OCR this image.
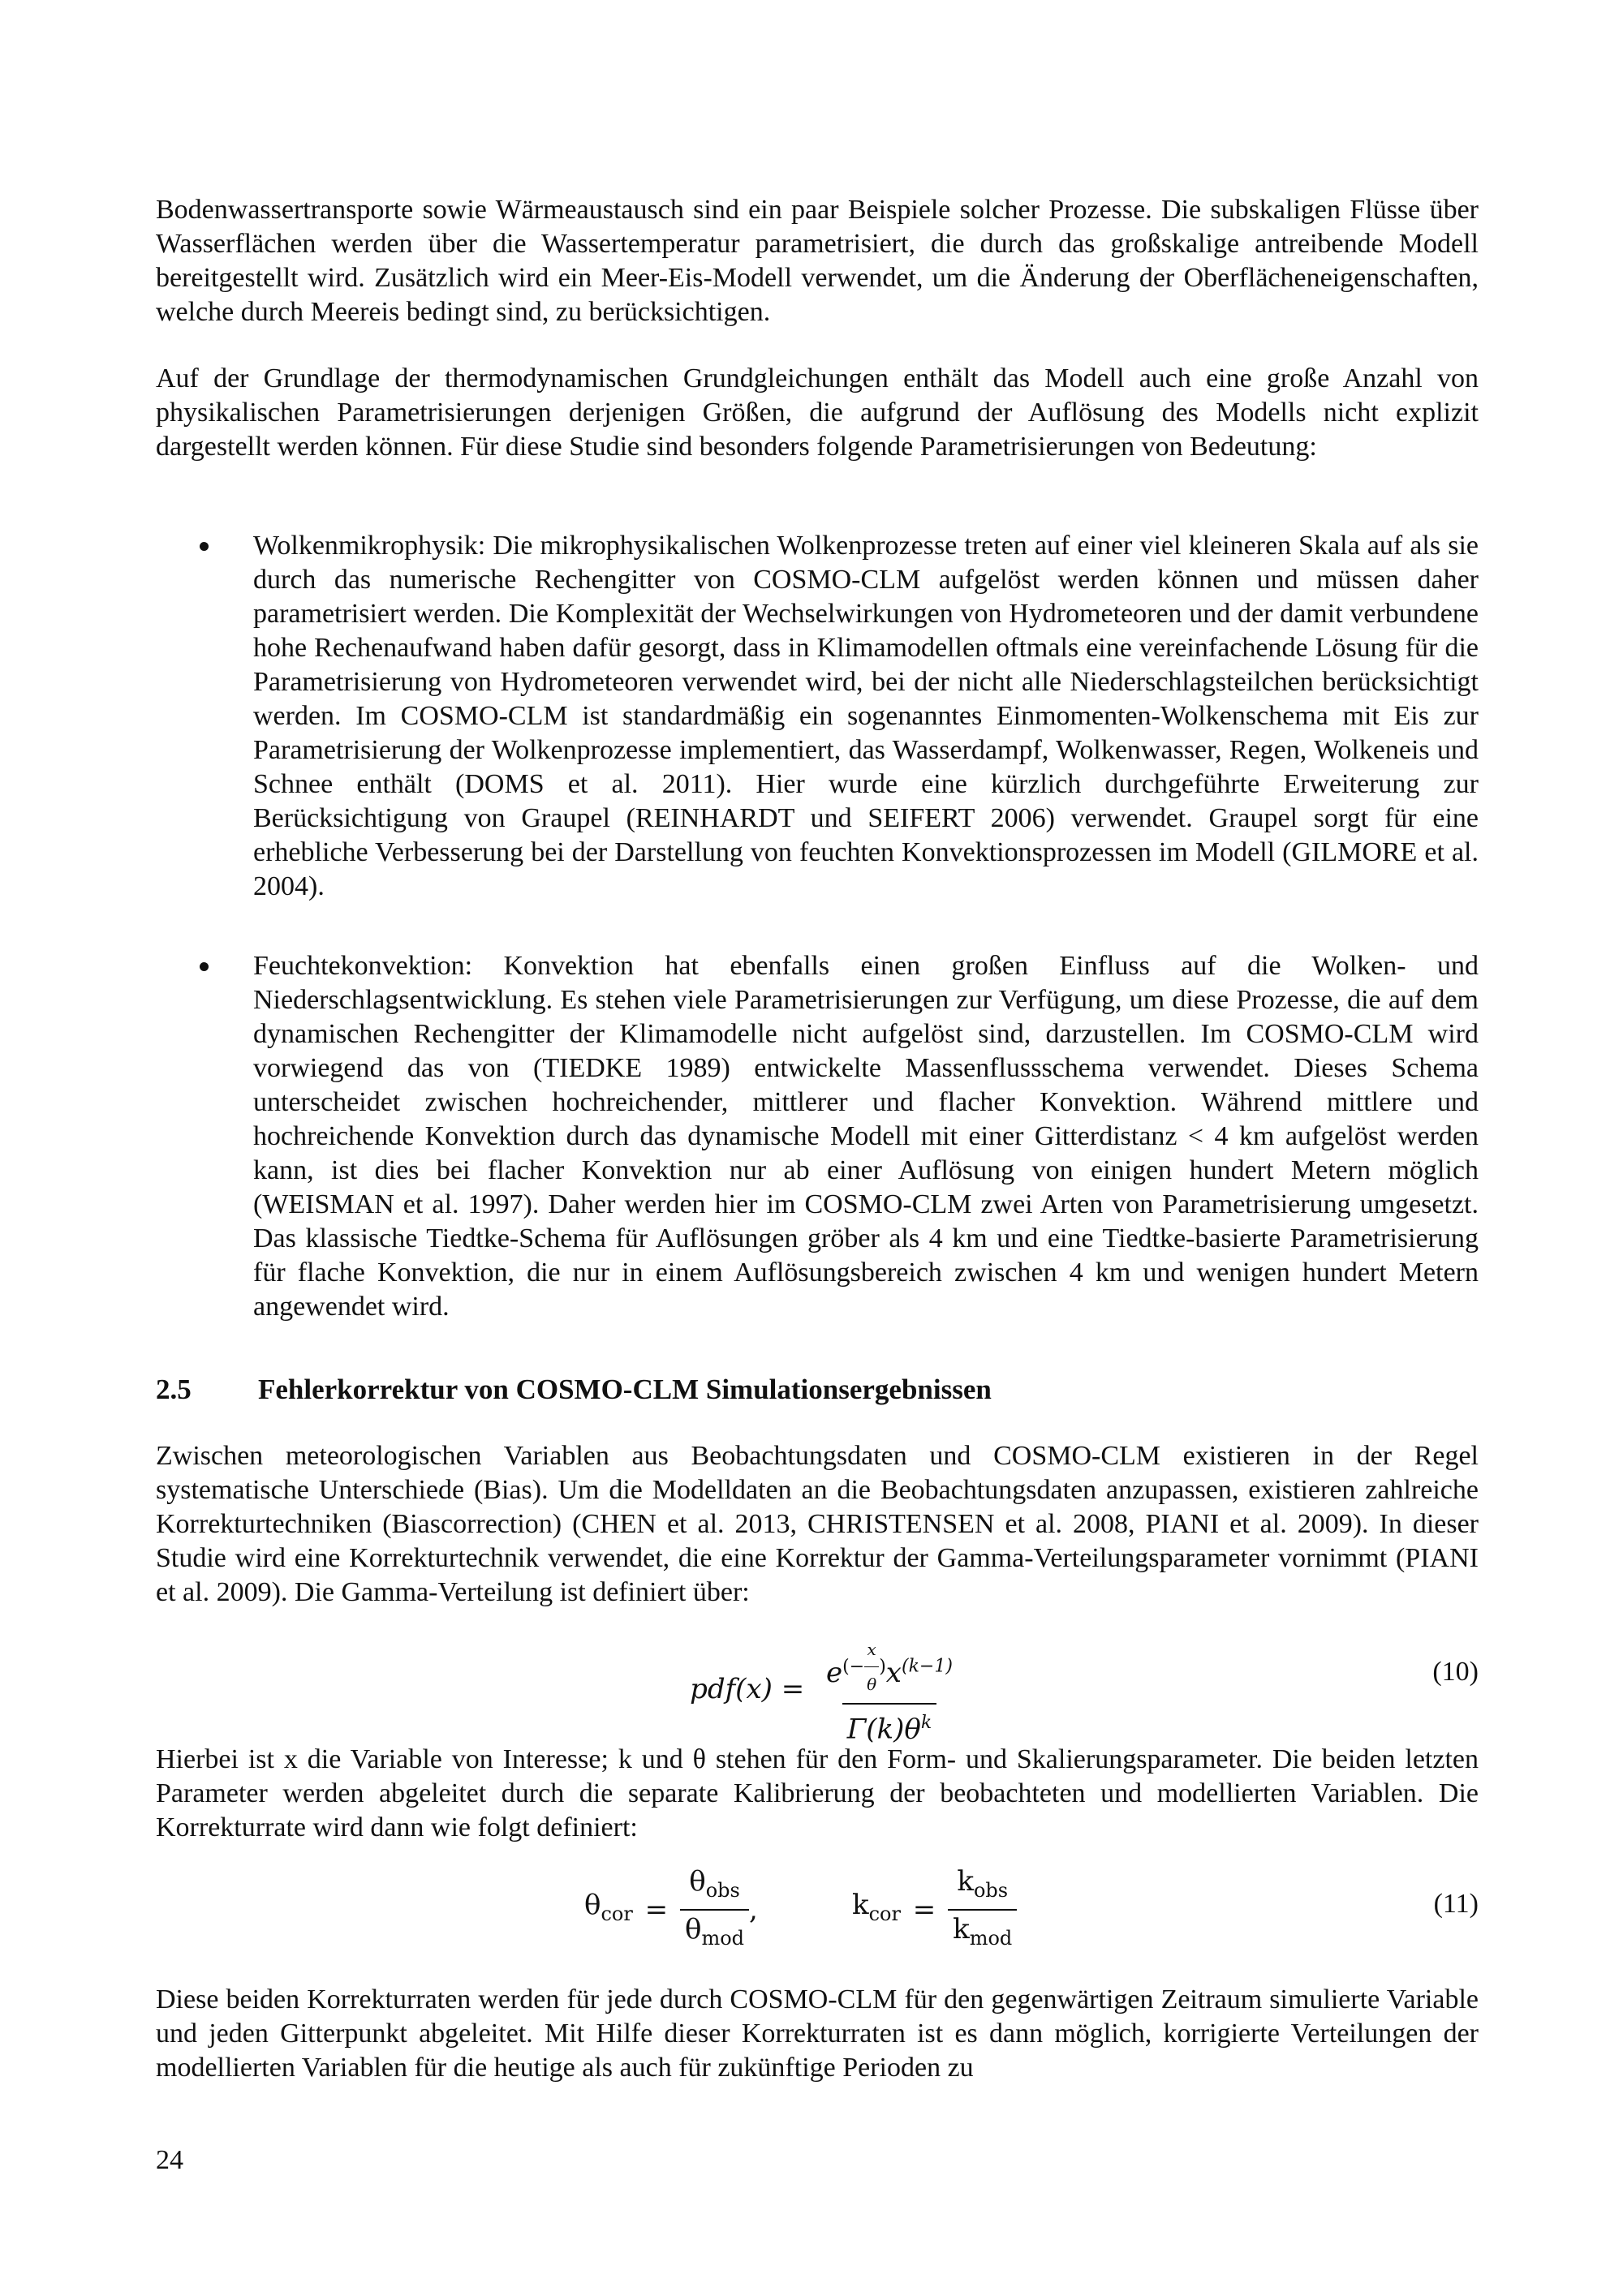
Bodenwassertransporte sowie Wärmeaustausch sind ein paar Beispiele solcher Prozesse. Die subskaligen Flüsse über Wasserflächen werden über die Wassertemperatur parametrisiert, die durch das großskalige antreibende Modell bereitgestellt wird. Zusätzlich wird ein Meer-Eis-Modell verwendet, um die Änderung der Oberflächeneigenschaften, welche durch Meereis bedingt sind, zu berücksichtigen.

Auf der Grundlage der thermodynamischen Grundgleichungen enthält das Modell auch eine große Anzahl von physikalischen Parametrisierungen derjenigen Größen, die aufgrund der Auflösung des Modells nicht explizit dargestellt werden können. Für diese Studie sind besonders folgende Parametrisierungen von Bedeutung:

Wolkenmikrophysik: Die mikrophysikalischen Wolkenprozesse treten auf einer viel kleineren Skala auf als sie durch das numerische Rechengitter von COSMO-CLM aufgelöst werden können und müssen daher parametrisiert werden. Die Komplexität der Wechselwirkungen von Hydrometeoren und der damit verbundene hohe Rechenaufwand haben dafür gesorgt, dass in Klimamodellen oftmals eine vereinfachende Lösung für die Parametrisierung von Hydrometeoren verwendet wird, bei der nicht alle Niederschlagsteilchen berücksichtigt werden. Im COSMO-CLM ist standardmäßig ein sogenanntes Einmomenten-Wolkenschema mit Eis zur Parametrisierung der Wolkenprozesse implementiert, das Wasserdampf, Wolkenwasser, Regen, Wolkeneis und Schnee enthält (DOMS et al. 2011). Hier wurde eine kürzlich durchgeführte Erweiterung zur Berücksichtigung von Graupel (REINHARDT und SEIFERT 2006) verwendet. Graupel sorgt für eine erhebliche Verbesserung bei der Darstellung von feuchten Konvektionsprozessen im Modell (GILMORE et al. 2004).

Feuchtekonvektion: Konvektion hat ebenfalls einen großen Einfluss auf die Wolken- und Niederschlagsentwicklung. Es stehen viele Parametrisierungen zur Verfügung, um diese Prozesse, die auf dem dynamischen Rechengitter der Klimamodelle nicht aufgelöst sind, darzustellen. Im COSMO-CLM wird vorwiegend das von (TIEDKE 1989) entwickelte Massenflussschema verwendet. Dieses Schema unterscheidet zwischen hochreichender, mittlerer und flacher Konvektion. Während mittlere und hochreichende Konvektion durch das dynamische Modell mit einer Gitterdistanz < 4 km aufgelöst werden kann, ist dies bei flacher Konvektion nur ab einer Auflösung von einigen hundert Metern möglich (WEISMAN et al. 1997). Daher werden hier im COSMO-CLM zwei Arten von Parametrisierung umgesetzt. Das klassische Tiedtke-Schema für Auflösungen gröber als 4 km und eine Tiedtke-basierte Parametrisierung für flache Konvektion, die nur in einem Auflösungsbereich zwischen 4 km und wenigen hundert Metern angewendet wird.

2.5 Fehlerkorrektur von COSMO-CLM Simulationsergebnissen

Zwischen meteorologischen Variablen aus Beobachtungsdaten und COSMO-CLM existieren in der Regel systematische Unterschiede (Bias). Um die Modelldaten an die Beobachtungsdaten anzupassen, existieren zahlreiche Korrekturtechniken (Biascorrection) (CHEN et al. 2013, CHRISTENSEN et al. 2008, PIANI et al. 2009). In dieser Studie wird eine Korrekturtechnik verwendet, die eine Korrektur der Gamma-Verteilungsparameter vornimmt (PIANI et al. 2009). Die Gamma-Verteilung ist definiert über:

$pdf(x) = e^{(- \frac{x}{\theta} )}x^{(k-1)}$
$\Gamma(k)\theta^k$	(10)

Hierbei ist x die Variable von Interesse; k und θ stehen für den Form- und Skalierungsparameter. Die beiden letzten Parameter werden abgeleitet durch die separate Kalibrierung der beobachteten und modellierten Variablen. Die Korrekturrate wird dann wie folgt definiert:

$\theta_{cor} = \frac{\theta_{obs}}{\theta_{mod}}$ ,	$k_{cor} = \frac{k_{obs}}{k_{mod}}$	(11)

Diese beiden Korrekturraten werden für jede durch COSMO-CLM für den gegenwärtigen Zeitraum simulierte Variable und jeden Gitterpunkt abgeleitet. Mit Hilfe dieser Korrekturraten ist es dann möglich, korrigierte Verteilungen der modellierten Variablen für die heutige als auch für zukünftige Perioden zu

24
